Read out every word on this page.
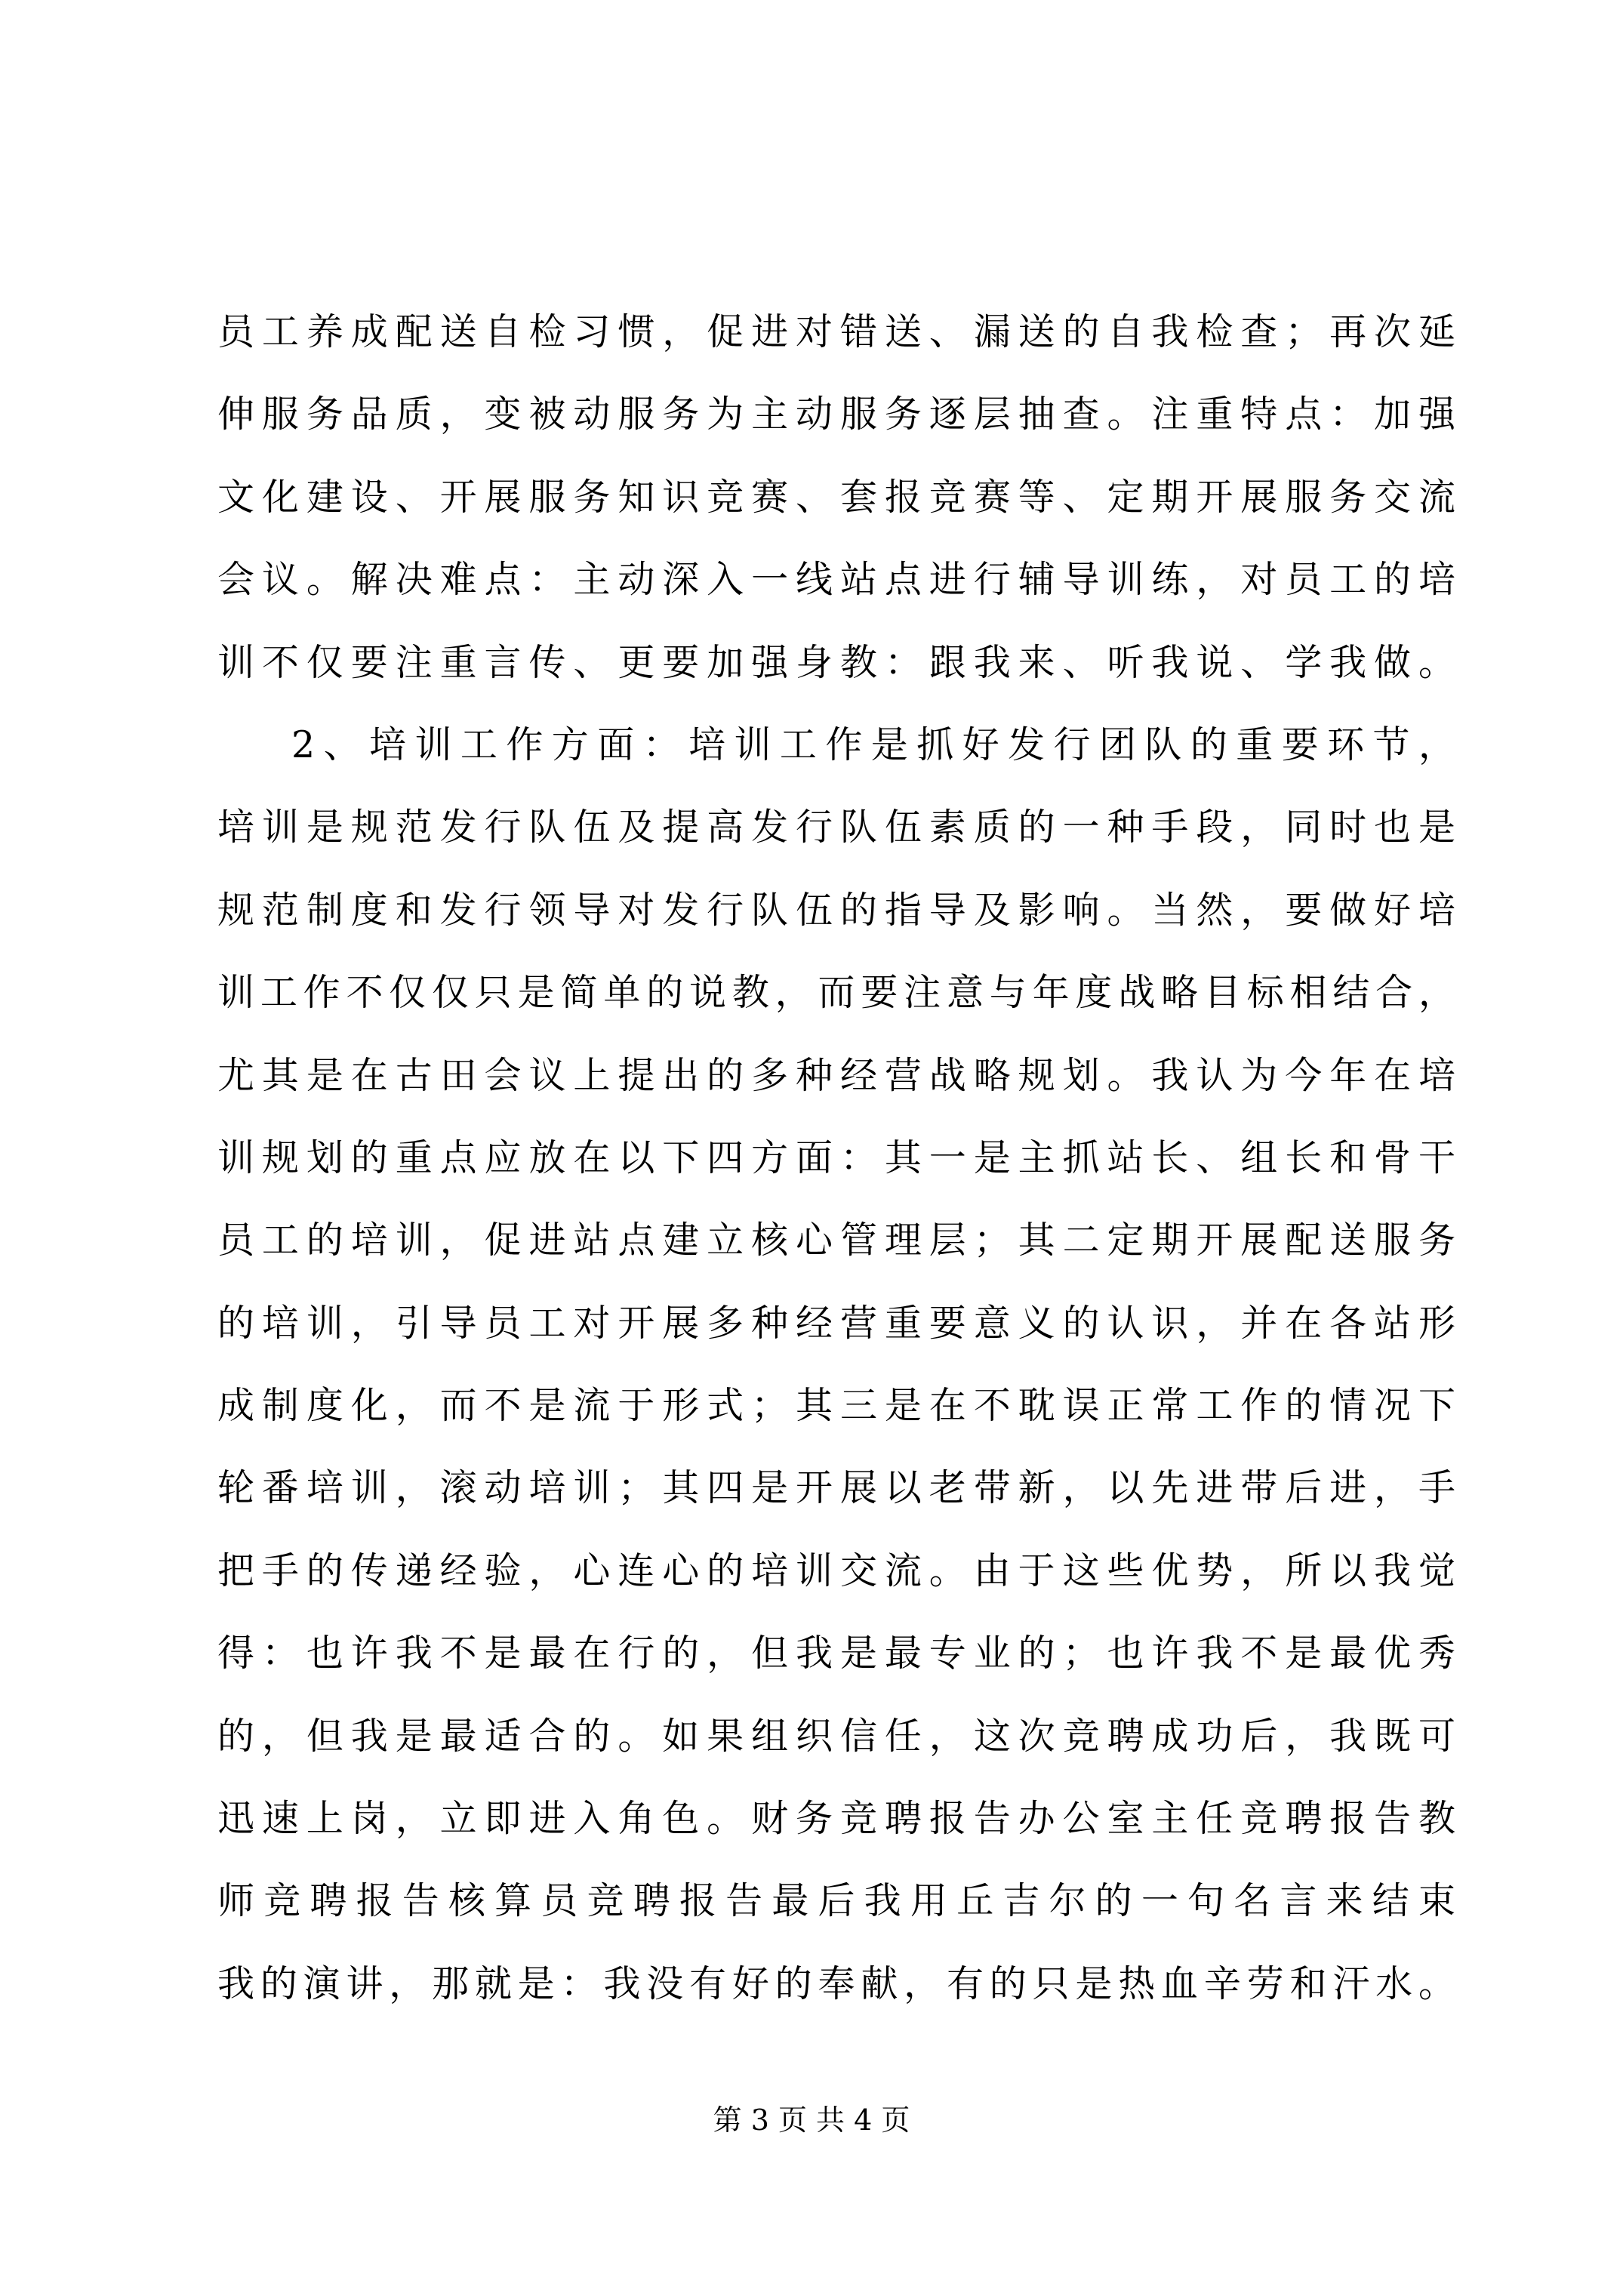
员工养成配送自检习惯，促进对错送、漏送的自我检查；再次延
伸服务品质，变被动服务为主动服务逐层抽查。注重特点：加强
文化建设、开展服务知识竞赛、套报竞赛等、定期开展服务交流
会议。解决难点：主动深入一线站点进行辅导训练，对员工的培
训不仅要注重言传、更要加强身教：跟我来、听我说、学我做。
2、培训工作方面：培训工作是抓好发行团队的重要环节，
培训是规范发行队伍及提高发行队伍素质的一种手段，同时也是
规范制度和发行领导对发行队伍的指导及影响。当然，要做好培
训工作不仅仅只是简单的说教，而要注意与年度战略目标相结合，
尤其是在古田会议上提出的多种经营战略规划。我认为今年在培
训规划的重点应放在以下四方面：其一是主抓站长、组长和骨干
员工的培训，促进站点建立核心管理层；其二定期开展配送服务
的培训，引导员工对开展多种经营重要意义的认识，并在各站形
成制度化，而不是流于形式；其三是在不耽误正常工作的情况下
轮番培训，滚动培训；其四是开展以老带新，以先进带后进，手
把手的传递经验，心连心的培训交流。由于这些优势，所以我觉
得：也许我不是最在行的，但我是最专业的；也许我不是最优秀
的，但我是最适合的。如果组织信任，这次竞聘成功后，我既可
迅速上岗，立即进入角色。财务竞聘报告办公室主任竞聘报告教
师竞聘报告核算员竞聘报告最后我用丘吉尔的一句名言来结束
我的演讲，那就是：我没有好的奉献，有的只是热血辛劳和汗水。
第 3 页 共 4 页
